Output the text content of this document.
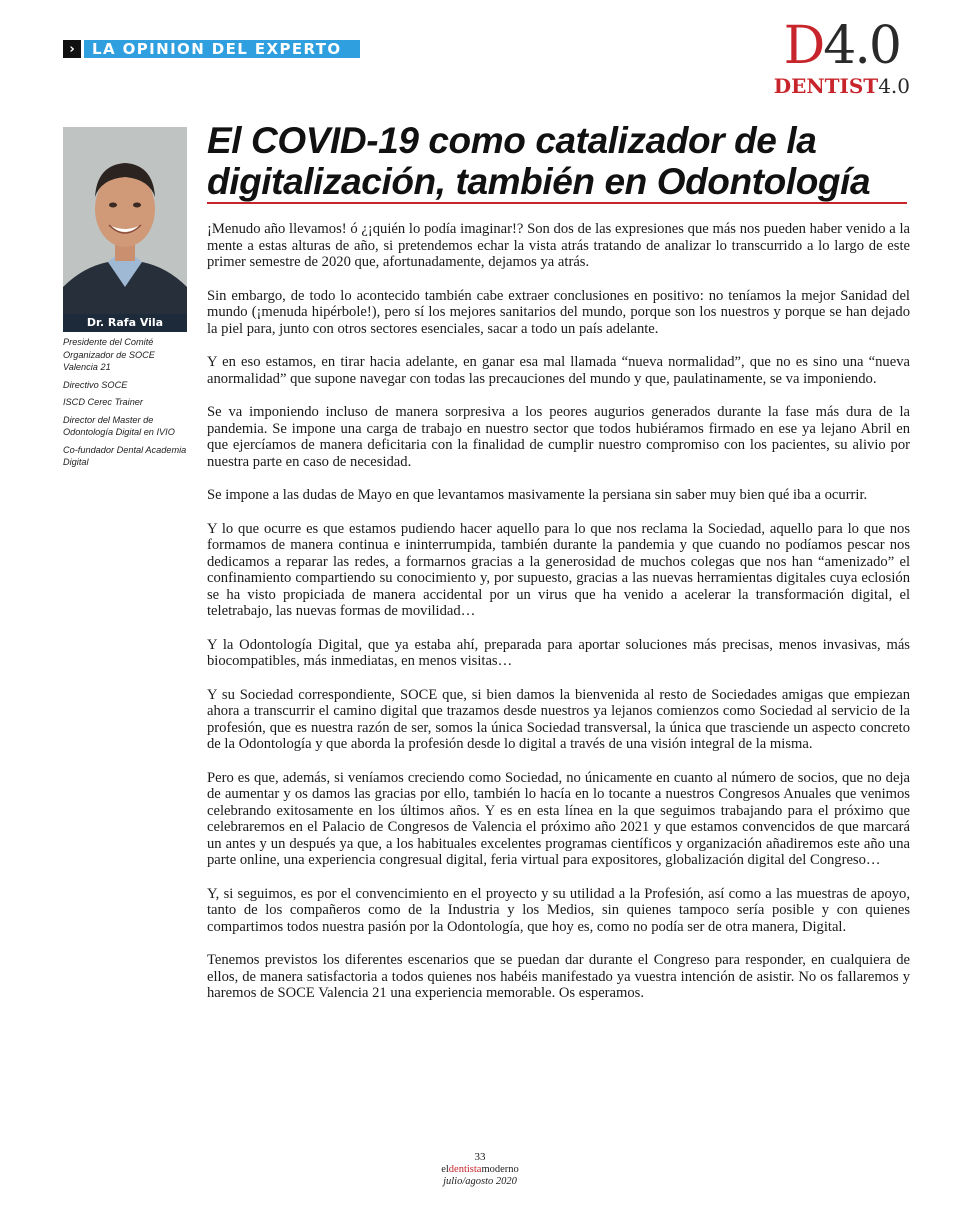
›	LA OPINION DEL EXPERTO	D4.0
DENTIST4.0
Dr. Rafa Vila

Presidente del Comité Organizador de SOCE Valencia 21

Directivo SOCE

ISCD Cerec Trainer

Director del Master de Odontología Digital en IVIO

Co-fundador Dental Academia Digital

El COVID-19 como catalizador de la digitalización, también en Odontología

¡Menudo año llevamos! ó ¿¡quién lo podía imaginar!? Son dos de las expresiones que más nos pueden haber venido a la mente a estas alturas de año, si pretendemos echar la vista atrás tratando de analizar lo transcurrido a lo largo de este primer semestre de 2020 que, afortunadamente, dejamos ya atrás.

Sin embargo, de todo lo acontecido también cabe extraer conclusiones en positivo: no teníamos la mejor Sanidad del mundo (¡menuda hipérbole!), pero sí los mejores sanitarios del mundo, porque son los nuestros y porque se han dejado la piel para, junto con otros sectores esenciales, sacar a todo un país adelante.

Y en eso estamos, en tirar hacia adelante, en ganar esa mal llamada “nueva normalidad”, que no es sino una “nueva anormalidad” que supone navegar con todas las precauciones del mundo y que, paulatinamente, se va imponiendo.

Se va imponiendo incluso de manera sorpresiva a los peores augurios generados durante la fase más dura de la pandemia. Se impone una carga de trabajo en nuestro sector que todos hubiéramos firmado en ese ya lejano Abril en que ejercíamos de manera deficitaria con la finalidad de cumplir nuestro compromiso con los pacientes, su alivio por nuestra parte en caso de necesidad.

Se impone a las dudas de Mayo en que levantamos masivamente la persiana sin saber muy bien qué iba a ocurrir.

Y lo que ocurre es que estamos pudiendo hacer aquello para lo que nos reclama la Sociedad, aquello para lo que nos formamos de manera continua e ininterrumpida, también durante la pandemia y que cuando no podíamos pescar nos dedicamos a reparar las redes, a formarnos gracias a la generosidad de muchos colegas que nos han “amenizado” el confinamiento compartiendo su conocimiento y, por supuesto, gracias a las nuevas herramientas digitales cuya eclosión se ha visto propiciada de manera accidental por un virus que ha venido a acelerar la transformación digital, el teletrabajo, las nuevas formas de movilidad…

Y la Odontología Digital, que ya estaba ahí, preparada para aportar soluciones más precisas, menos invasivas, más biocompatibles, más inmediatas, en menos visitas…

Y su Sociedad correspondiente, SOCE que, si bien damos la bienvenida al resto de Sociedades amigas que empiezan ahora a transcurrir el camino digital que trazamos desde nuestros ya lejanos comienzos como Sociedad al servicio de la profesión, que es nuestra razón de ser, somos la única Sociedad transversal, la única que trasciende un aspecto concreto de la Odontología y que aborda la profesión desde lo digital a través de una visión integral de la misma.

Pero es que, además, si veníamos creciendo como Sociedad, no únicamente en cuanto al número de socios, que no deja de aumentar y os damos las gracias por ello, también lo hacía en lo tocante a nuestros Congresos Anuales que venimos celebrando exitosamente en los últimos años. Y es en esta línea en la que seguimos trabajando para el próximo que celebraremos en el Palacio de Congresos de Valencia el próximo año 2021 y que estamos convencidos de que marcará un antes y un después ya que, a los habituales excelentes programas científicos y organización añadiremos este año una parte online, una experiencia congresual digital, feria virtual para expositores, globalización digital del Congreso…

Y, si seguimos, es por el convencimiento en el proyecto y su utilidad a la Profesión, así como a las muestras de apoyo, tanto de los compañeros como de la Industria y los Medios, sin quienes tampoco sería posible y con quienes compartimos todos nuestra pasión por la Odontología, que hoy es, como no podía ser de otra manera, Digital.

Tenemos previstos los diferentes escenarios que se puedan dar durante el Congreso para responder, en cualquiera de ellos, de manera satisfactoria a todos quienes nos habéis manifestado ya vuestra intención de asistir. No os fallaremos y haremos de SOCE Valencia 21 una experiencia memorable. Os esperamos.

33
eldentistamoderno
julio/agosto 2020
